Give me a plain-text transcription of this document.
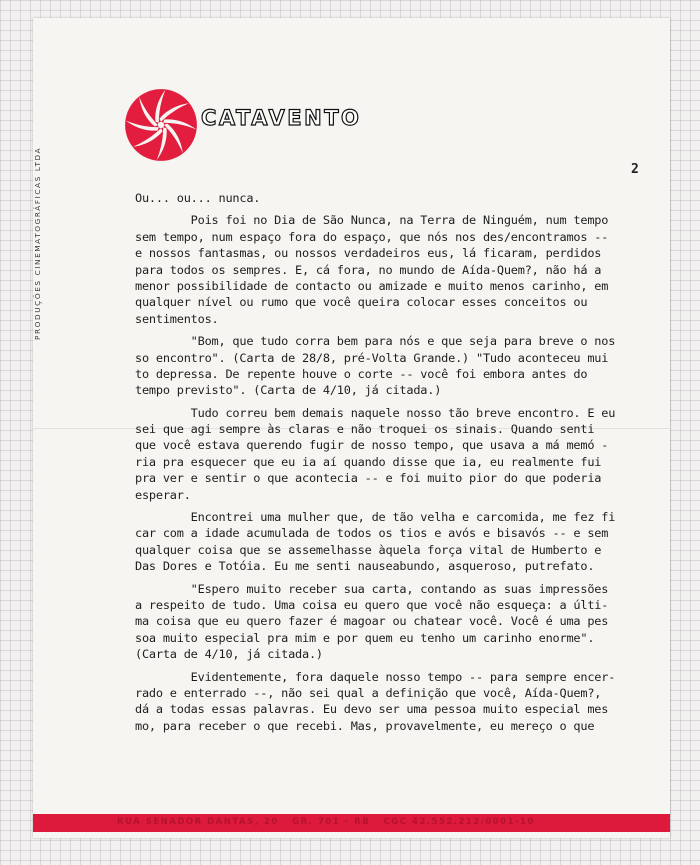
PRODUÇÕES CINEMATOGRÁFICAS LTDA
CATAVENTO
2
Ou... ou... nunca.
Pois foi no Dia de São Nunca, na Terra de Ninguém, num tempo
sem tempo, num espaço fora do espaço, que nós nos des/encontramos --
e nossos fantasmas, ou nossos verdadeiros eus, lá ficaram, perdidos
para todos os sempres. E, cá fora, no mundo de Aída-Quem?, não há a
menor possibilidade de contacto ou amizade e muito menos carinho, em
qualquer nível ou rumo que você queira colocar esses conceitos ou
sentimentos.
"Bom, que tudo corra bem para nós e que seja para breve o nos
so encontro". (Carta de 28/8, pré-Volta Grande.) "Tudo aconteceu mui
to depressa. De repente houve o corte -- você foi embora antes do
tempo previsto". (Carta de 4/10, já citada.)
Tudo correu bem demais naquele nosso tão breve encontro. E eu
sei que agi sempre às claras e não troquei os sinais. Quando senti
que você estava querendo fugir de nosso tempo, que usava a má memó -
ria pra esquecer que eu ia aí quando disse que ia, eu realmente fui
pra ver e sentir o que acontecia -- e foi muito pior do que poderia
esperar.
Encontrei uma mulher que, de tão velha e carcomida, me fez fi
car com a idade acumulada de todos os tios e avós e bisavós -- e sem
qualquer coisa que se assemelhasse àquela força vital de Humberto e
Das Dores e Totóia. Eu me senti nauseabundo, asqueroso, putrefato.
"Espero muito receber sua carta, contando as suas impressões
a respeito de tudo. Uma coisa eu quero que você não esqueça: a últi-
ma coisa que eu quero fazer é magoar ou chatear você. Você é uma pes
soa muito especial pra mim e por quem eu tenho um carinho enorme".
(Carta de 4/10, já citada.)
Evidentemente, fora daquele nosso tempo -- para sempre encer-
rado e enterrado --, não sei qual a definição que você, Aída-Quem?,
dá a todas essas palavras. Eu devo ser uma pessoa muito especial mes
mo, para receber o que recebi. Mas, provavelmente, eu mereço o que
RUA SENADOR DANTAS, 20   GR. 701 - RB   CGC 42.552.212/0001-10
